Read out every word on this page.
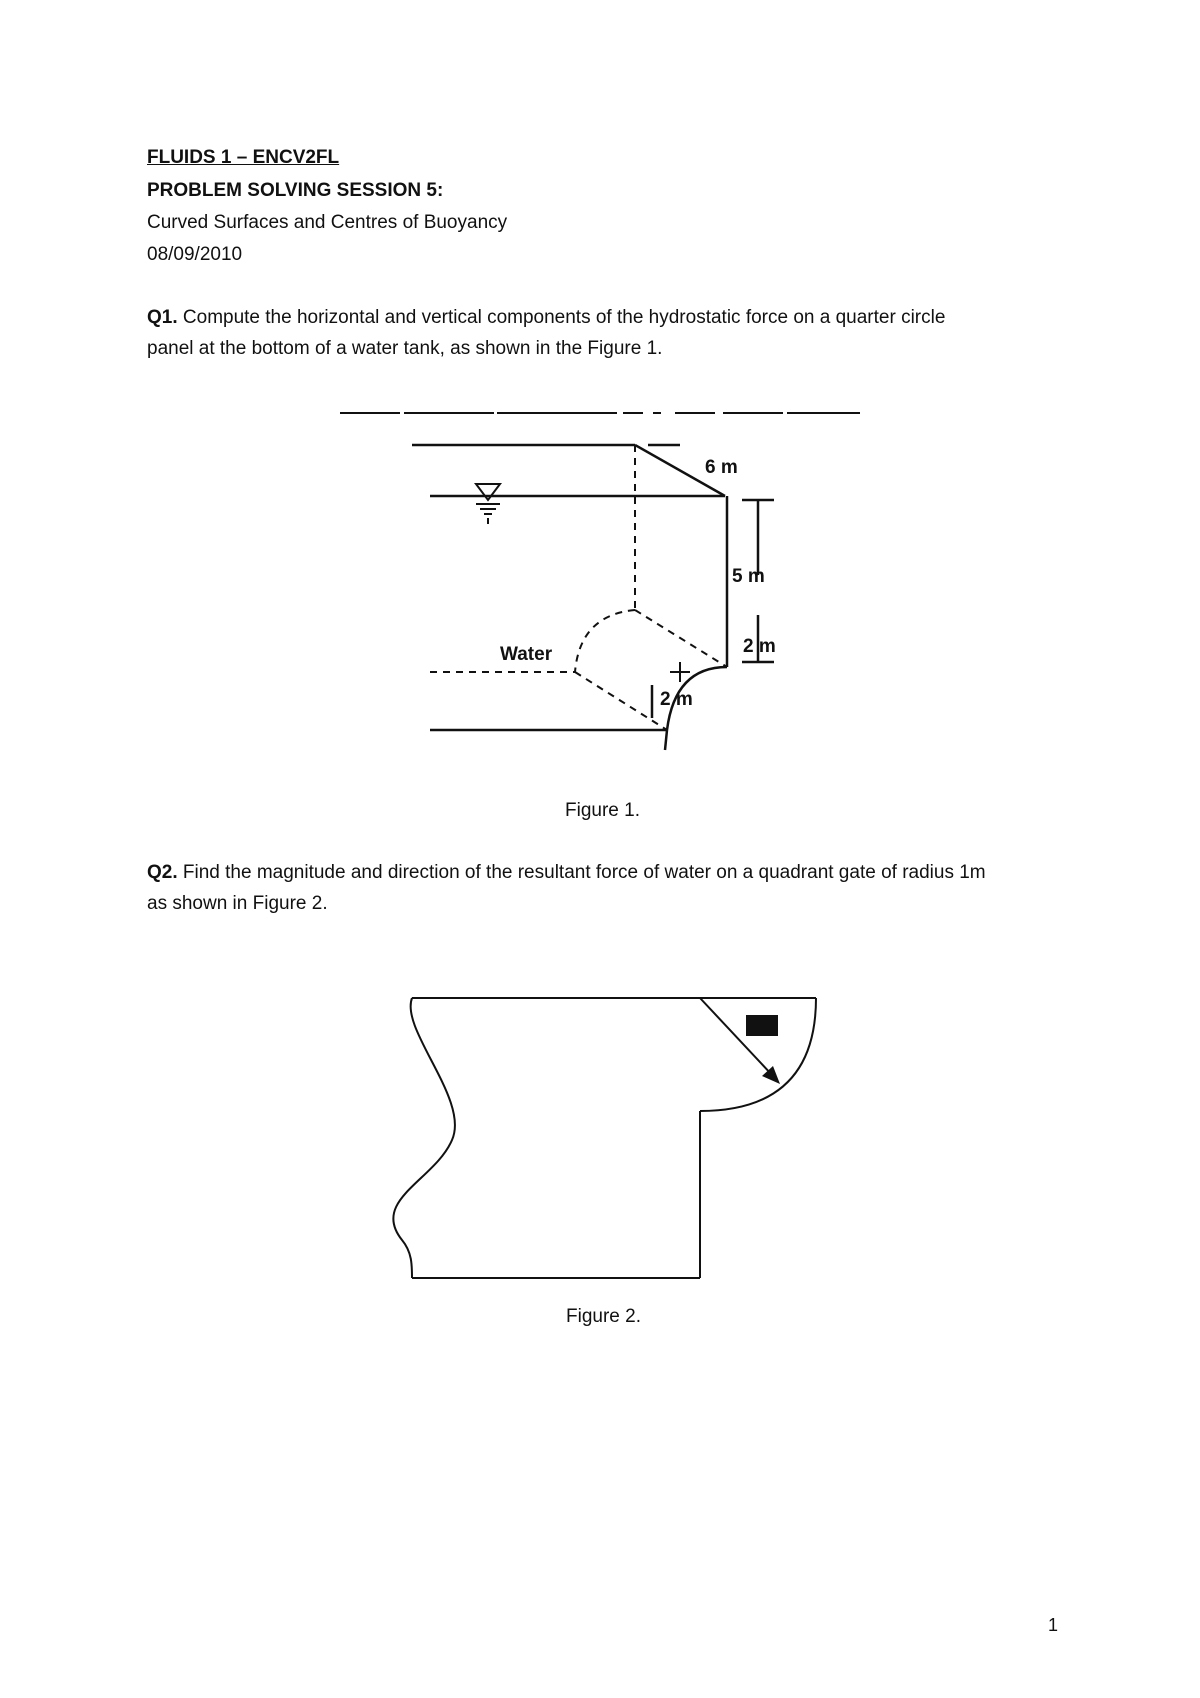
FLUIDS 1 – ENCV2FL
PROBLEM SOLVING SESSION 5:
Curved Surfaces and Centres of Buoyancy
08/09/2010
Q1. Compute the horizontal and vertical components of the hydrostatic force on a quarter circle
panel at the bottom of a water tank, as shown in the Figure 1.
6 m
5 m
2 m
2 m
Water
Figure 1.
Q2. Find the magnitude and direction of the resultant force of water on a quadrant gate of radius 1m
as shown in Figure 2.
Figure 2.
1
